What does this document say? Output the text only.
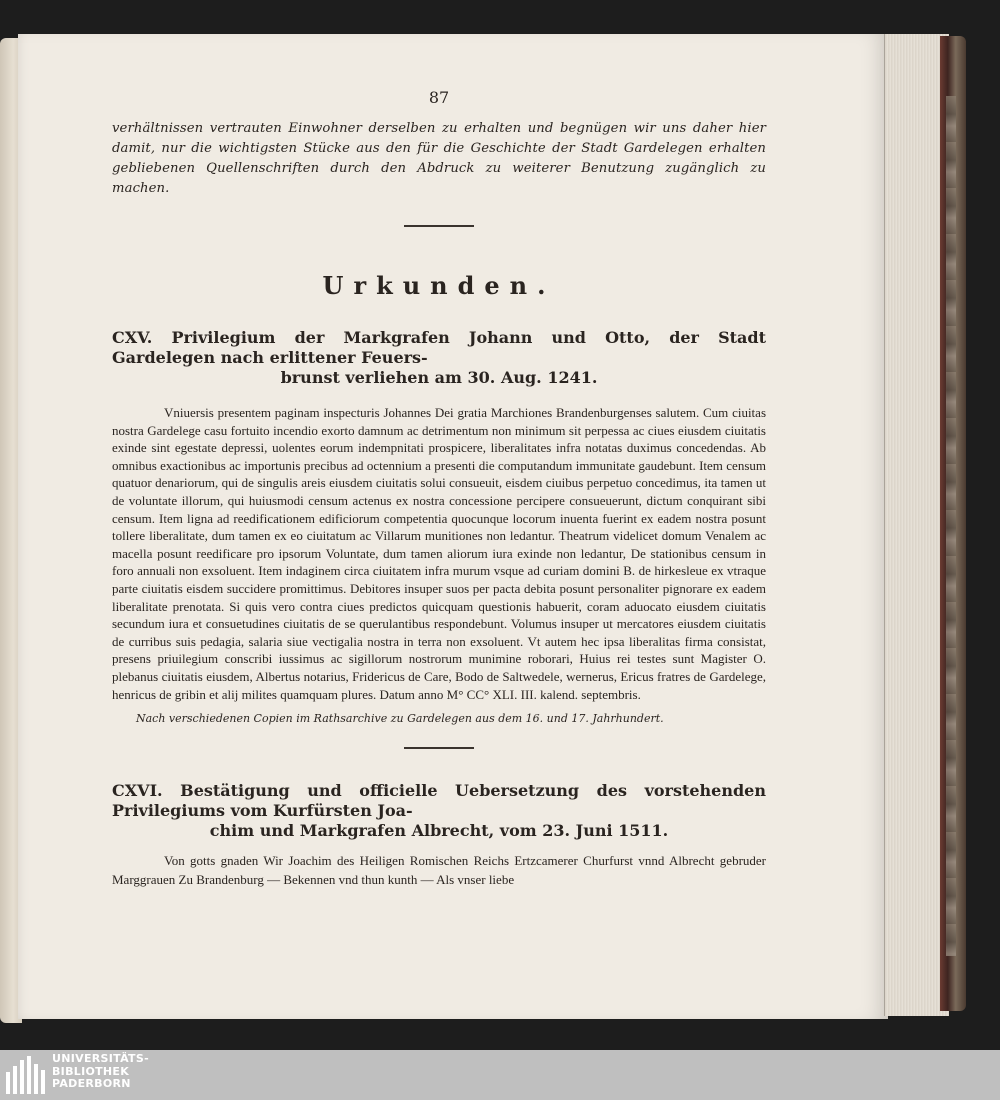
87
verhältnissen vertrauten Einwohner derselben zu erhalten und begnügen wir uns daher hier damit, nur die wichtigsten Stücke aus den für die Geschichte der Stadt Gardelegen erhalten gebliebenen Quellenschriften durch den Abdruck zu weiterer Benutzung zugänglich zu machen.
Urkunden.
CXV. Privilegium der Markgrafen Johann und Otto, der Stadt Gardelegen nach erlittener Feuers-
brunst verliehen am 30. Aug. 1241.

Vniuersis presentem paginam inspecturis Johannes Dei gratia Marchiones Brandenburgenses salutem. Cum ciuitas nostra Gardelege casu fortuito incendio exorto damnum ac detrimentum non minimum sit perpessa ac ciues eiusdem ciuitatis exinde sint egestate depressi, uolentes eorum indempnitati prospicere, liberalitates infra notatas duximus concedendas. Ab omnibus exactionibus ac importunis precibus ad octennium a presenti die computandum immunitate gaudebunt. Item censum quatuor denariorum, qui de singulis areis eiusdem ciuitatis solui consueuit, eisdem ciuibus perpetuo concedimus, ita tamen ut de voluntate illorum, qui huiusmodi censum actenus ex nostra concessione percipere consueuerunt, dictum conquirant sibi censum. Item ligna ad reedificationem edificiorum competentia quocunque locorum inuenta fuerint ex eadem nostra posunt tollere liberalitate, dum tamen ex eo ciuitatum ac Villarum munitiones non ledantur. Theatrum videlicet domum Venalem ac macella posunt reedificare pro ipsorum Voluntate, dum tamen aliorum iura exinde non ledantur, De stationibus censum in foro annuali non exsoluent. Item indaginem circa ciuitatem infra murum vsque ad curiam domini B. de hirkesleue ex vtraque parte ciuitatis eisdem succidere promittimus. Debitores insuper suos per pacta debita posunt personaliter pignorare ex eadem liberalitate prenotata. Si quis vero contra ciues predictos quicquam questionis habuerit, coram aduocato eiusdem ciuitatis secundum iura et consuetudines ciuitatis de se querulantibus respondebunt. Volumus insuper ut mercatores eiusdem ciuitatis de curribus suis pedagia, salaria siue vectigalia nostra in terra non exsoluent. Vt autem hec ipsa liberalitas firma consistat, presens priuilegium conscribi iussimus ac sigillorum nostrorum munimine roborari, Huius rei testes sunt Magister O. plebanus ciuitatis eiusdem, Albertus notarius, Fridericus de Care, Bodo de Saltwedele, wernerus, Ericus fratres de Gardelege, henricus de gribin et alij milites quamquam plures. Datum anno M° CC° XLI. III. kalend. septembris.

Nach verschiedenen Copien im Rathsarchive zu Gardelegen aus dem 16. und 17. Jahrhundert.
CXVI. Bestätigung und officielle Uebersetzung des vorstehenden Privilegiums vom Kurfürsten Joa-
chim und Markgrafen Albrecht, vom 23. Juni 1511.

Von gotts gnaden Wir Joachim des Heiligen Romischen Reichs Ertzcamerer Churfurst vnnd Albrecht gebruder Marggrauen Zu Brandenburg — Bekennen vnd thun kunth — Als vnser liebe

UNIVERSITÄTS-
BIBLIOTHEK
PADERBORN
